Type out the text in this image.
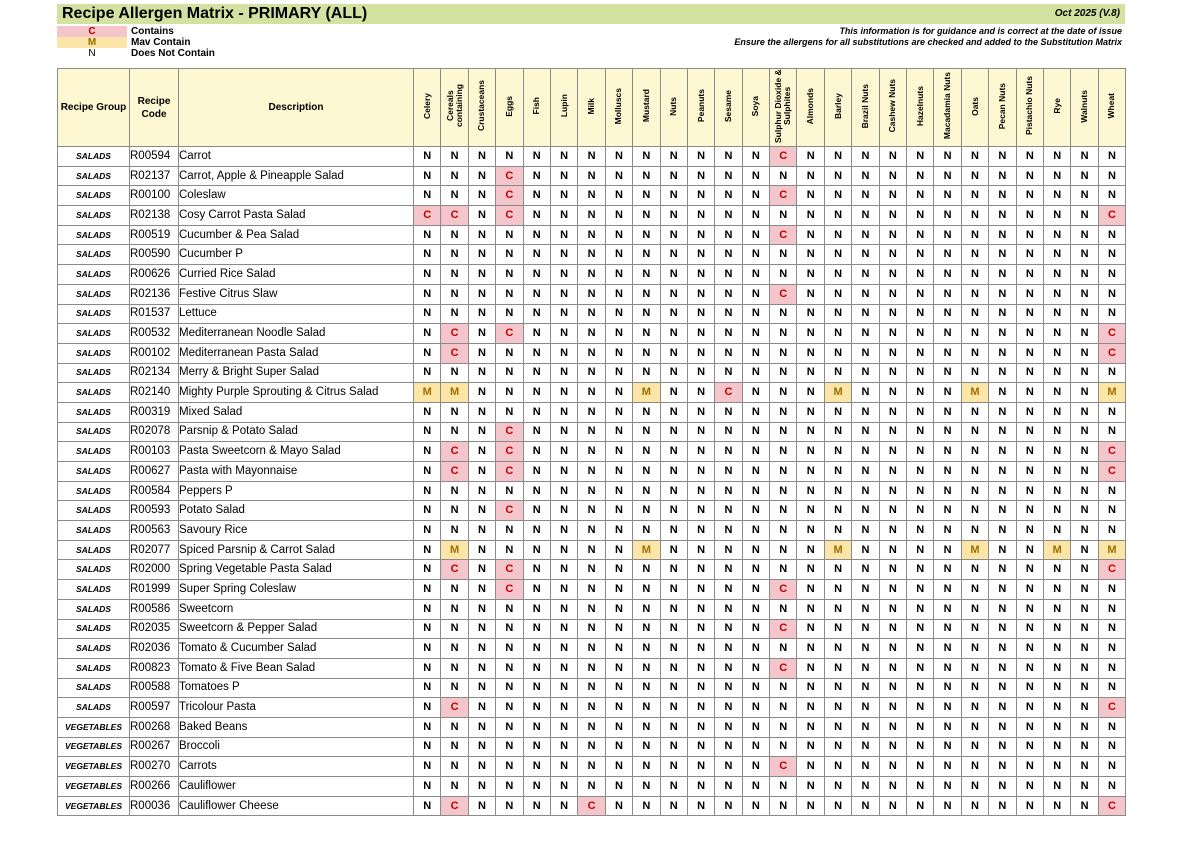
Recipe Allergen Matrix - PRIMARY (ALL)	Oct 2025 (V.8)
C	Contains
M	Mav Contain
N	Does Not Contain
This information is for guidance and is correct at the date of issue
Ensure the allergens for all substitutions are checked and added to the Substitution Matrix
Recipe Group	Recipe Code	Description	Celery	Cereals containing	Crustaceans	Eggs	Fish	Lupin	Milk	Molluscs	Mustard	Nuts	Peanuts	Sesame	Soya	Sulphur Dioxide & Sulphites	Almonds	Barley	Brazil Nuts	Cashew Nuts	Hazelnuts	Macadamia Nuts	Oats	Pecan Nuts	Pistachio Nuts	Rye	Walnuts	Wheat
SALADS	R00594	Carrot	N	N	N	N	N	N	N	N	N	N	N	N	N	C	N	N	N	N	N	N	N	N	N	N	N	N
SALADS	R02137	Carrot, Apple & Pineapple Salad	N	N	N	C	N	N	N	N	N	N	N	N	N	N	N	N	N	N	N	N	N	N	N	N	N	N
SALADS	R00100	Coleslaw	N	N	N	C	N	N	N	N	N	N	N	N	N	C	N	N	N	N	N	N	N	N	N	N	N	N
SALADS	R02138	Cosy Carrot Pasta Salad	C	C	N	C	N	N	N	N	N	N	N	N	N	N	N	N	N	N	N	N	N	N	N	N	N	C
SALADS	R00519	Cucumber & Pea Salad	N	N	N	N	N	N	N	N	N	N	N	N	N	C	N	N	N	N	N	N	N	N	N	N	N	N
SALADS	R00590	Cucumber P	N	N	N	N	N	N	N	N	N	N	N	N	N	N	N	N	N	N	N	N	N	N	N	N	N	N
SALADS	R00626	Curried Rice Salad	N	N	N	N	N	N	N	N	N	N	N	N	N	N	N	N	N	N	N	N	N	N	N	N	N	N
SALADS	R02136	Festive Citrus Slaw	N	N	N	N	N	N	N	N	N	N	N	N	N	C	N	N	N	N	N	N	N	N	N	N	N	N
SALADS	R01537	Lettuce	N	N	N	N	N	N	N	N	N	N	N	N	N	N	N	N	N	N	N	N	N	N	N	N	N	N
SALADS	R00532	Mediterranean Noodle Salad	N	C	N	C	N	N	N	N	N	N	N	N	N	N	N	N	N	N	N	N	N	N	N	N	N	C
SALADS	R00102	Mediterranean Pasta Salad	N	C	N	N	N	N	N	N	N	N	N	N	N	N	N	N	N	N	N	N	N	N	N	N	N	C
SALADS	R02134	Merry & Bright Super Salad	N	N	N	N	N	N	N	N	N	N	N	N	N	N	N	N	N	N	N	N	N	N	N	N	N	N
SALADS	R02140	Mighty Purple Sprouting & Citrus Salad	M	M	N	N	N	N	N	N	M	N	N	C	N	N	N	M	N	N	N	N	M	N	N	N	N	M
SALADS	R00319	Mixed Salad	N	N	N	N	N	N	N	N	N	N	N	N	N	N	N	N	N	N	N	N	N	N	N	N	N	N
SALADS	R02078	Parsnip & Potato Salad	N	N	N	C	N	N	N	N	N	N	N	N	N	N	N	N	N	N	N	N	N	N	N	N	N	N
SALADS	R00103	Pasta Sweetcorn & Mayo Salad	N	C	N	C	N	N	N	N	N	N	N	N	N	N	N	N	N	N	N	N	N	N	N	N	N	C
SALADS	R00627	Pasta with Mayonnaise	N	C	N	C	N	N	N	N	N	N	N	N	N	N	N	N	N	N	N	N	N	N	N	N	N	C
SALADS	R00584	Peppers P	N	N	N	N	N	N	N	N	N	N	N	N	N	N	N	N	N	N	N	N	N	N	N	N	N	N
SALADS	R00593	Potato Salad	N	N	N	C	N	N	N	N	N	N	N	N	N	N	N	N	N	N	N	N	N	N	N	N	N	N
SALADS	R00563	Savoury Rice	N	N	N	N	N	N	N	N	N	N	N	N	N	N	N	N	N	N	N	N	N	N	N	N	N	N
SALADS	R02077	Spiced Parsnip & Carrot Salad	N	M	N	N	N	N	N	N	M	N	N	N	N	N	N	M	N	N	N	N	M	N	N	M	N	M
SALADS	R02000	Spring Vegetable Pasta Salad	N	C	N	C	N	N	N	N	N	N	N	N	N	N	N	N	N	N	N	N	N	N	N	N	N	C
SALADS	R01999	Super Spring Coleslaw	N	N	N	C	N	N	N	N	N	N	N	N	N	C	N	N	N	N	N	N	N	N	N	N	N	N
SALADS	R00586	Sweetcorn	N	N	N	N	N	N	N	N	N	N	N	N	N	N	N	N	N	N	N	N	N	N	N	N	N	N
SALADS	R02035	Sweetcorn & Pepper Salad	N	N	N	N	N	N	N	N	N	N	N	N	N	C	N	N	N	N	N	N	N	N	N	N	N	N
SALADS	R02036	Tomato & Cucumber Salad	N	N	N	N	N	N	N	N	N	N	N	N	N	N	N	N	N	N	N	N	N	N	N	N	N	N
SALADS	R00823	Tomato & Five Bean Salad	N	N	N	N	N	N	N	N	N	N	N	N	N	C	N	N	N	N	N	N	N	N	N	N	N	N
SALADS	R00588	Tomatoes P	N	N	N	N	N	N	N	N	N	N	N	N	N	N	N	N	N	N	N	N	N	N	N	N	N	N
SALADS	R00597	Tricolour Pasta	N	C	N	N	N	N	N	N	N	N	N	N	N	N	N	N	N	N	N	N	N	N	N	N	N	C
VEGETABLES	R00268	Baked Beans	N	N	N	N	N	N	N	N	N	N	N	N	N	N	N	N	N	N	N	N	N	N	N	N	N	N
VEGETABLES	R00267	Broccoli	N	N	N	N	N	N	N	N	N	N	N	N	N	N	N	N	N	N	N	N	N	N	N	N	N	N
VEGETABLES	R00270	Carrots	N	N	N	N	N	N	N	N	N	N	N	N	N	C	N	N	N	N	N	N	N	N	N	N	N	N
VEGETABLES	R00266	Cauliflower	N	N	N	N	N	N	N	N	N	N	N	N	N	N	N	N	N	N	N	N	N	N	N	N	N	N
VEGETABLES	R00036	Cauliflower Cheese	N	C	N	N	N	N	C	N	N	N	N	N	N	N	N	N	N	N	N	N	N	N	N	N	N	C
